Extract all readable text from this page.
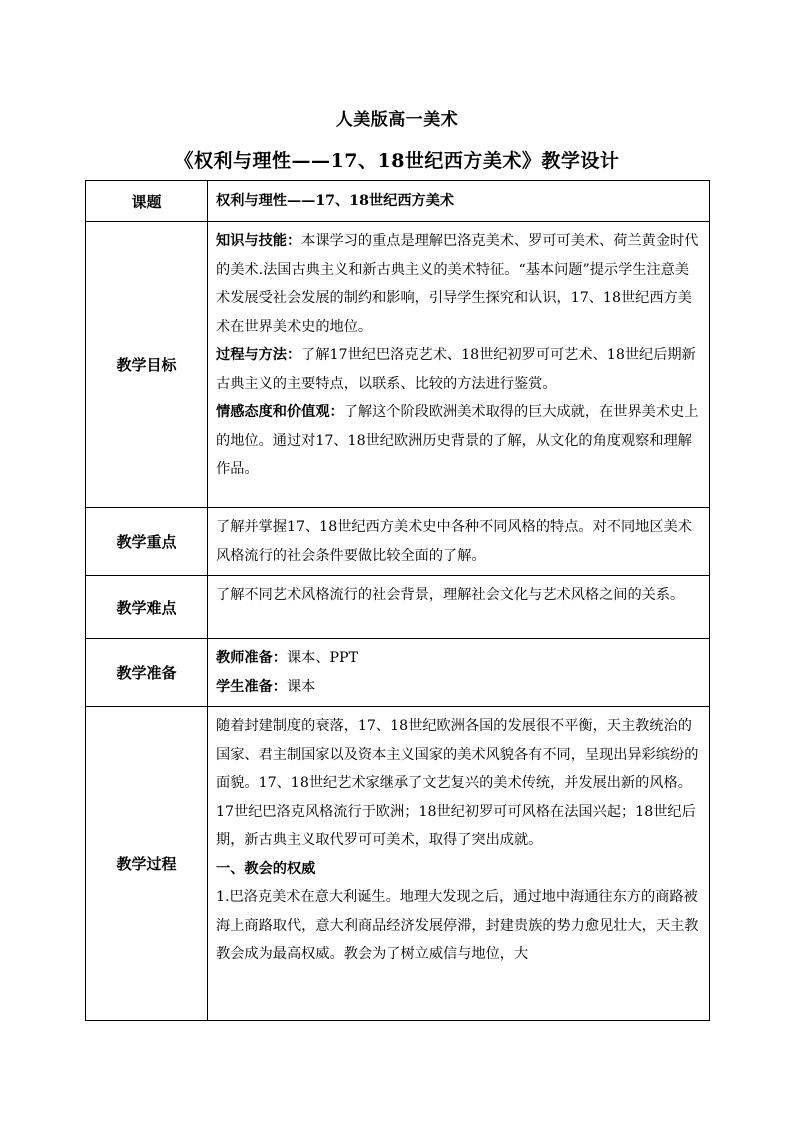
人美版高一美术
《权利与理性——17、18世纪西方美术》教学设计
课题	权利与理性——17、18世纪西方美术
教学目标	知识与技能：本课学习的重点是理解巴洛克美术、罗可可美术、荷兰黄金时代的美术.法国古典主义和新古典主义的美术特征。“基本问题”提示学生注意美术发展受社会发展的制约和影响，引导学生探究和认识，17、18世纪西方美术在世界美术史的地位。

过程与方法：了解17世纪巴洛克艺术、18世纪初罗可可艺术、18世纪后期新古典主义的主要特点，以联系、比较的方法进行鉴赏。

情感态度和价值观：了解这个阶段欧洲美术取得的巨大成就，在世界美术史上的地位。通过对17、18世纪欧洲历史背景的了解，从文化的角度观察和理解作品。

教学重点	了解并掌握17、18世纪西方美术史中各种不同风格的特点。对不同地区美术风格流行的社会条件要做比较全面的了解。
教学难点	了解不同艺术风格流行的社会背景，理解社会文化与艺术风格之间的关系。
教学准备	教师准备：课本、PPT

学生准备：课本

教学过程	随着封建制度的衰落，17、18世纪欧洲各国的发展很不平衡，天主教统治的国家、君主制国家以及资本主义国家的美术风貌各有不同，呈现出异彩缤纷的面貌。17、18世纪艺术家继承了文艺复兴的美术传统，并发展出新的风格。17世纪巴洛克风格流行于欧洲；18世纪初罗可可风格在法国兴起；18世纪后期，新古典主义取代罗可可美术，取得了突出成就。

一、教会的权威

1.巴洛克美术在意大利诞生。地理大发现之后，通过地中海通往东方的商路被海上商路取代，意大利商品经济发展停滞，封建贵族的势力愈见壮大，天主教教会成为最高权威。教会为了树立威信与地位，大
